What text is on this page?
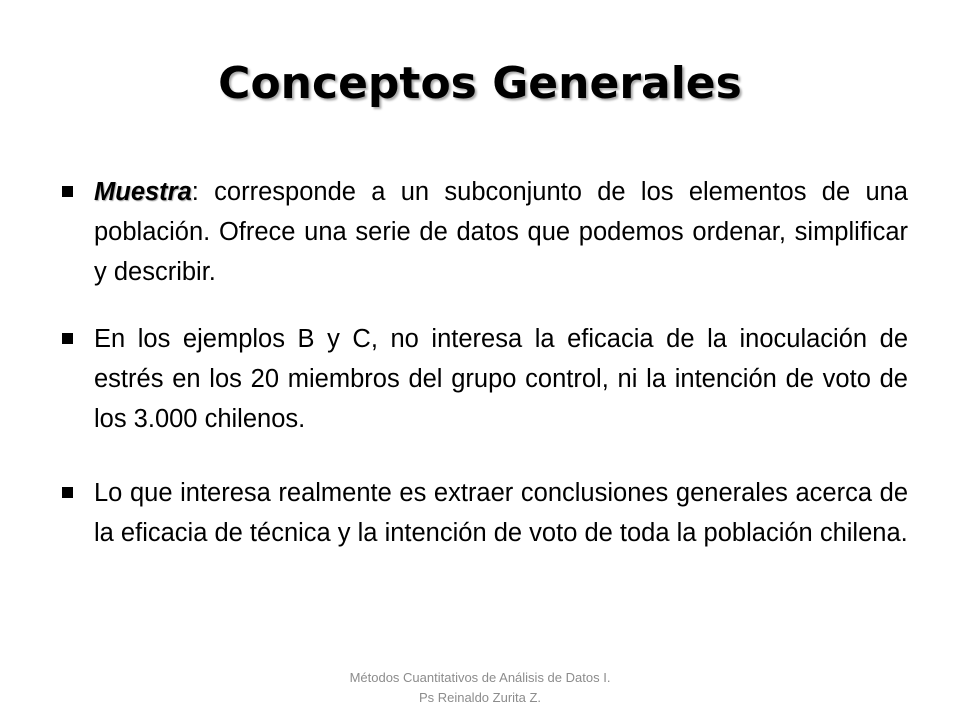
Conceptos Generales
Muestra: corresponde a un subconjunto de los elementos de una población. Ofrece una serie de datos que podemos ordenar, simplificar y describir.
En los ejemplos B y C, no interesa la eficacia de la inoculación de estrés en los 20 miembros del grupo control, ni la intención de voto de los 3.000 chilenos.
Lo que interesa realmente es extraer conclusiones generales acerca de la eficacia de técnica y la intención de voto de toda la población chilena.
Métodos Cuantitativos de Análisis de Datos I.
Ps Reinaldo Zurita Z.
